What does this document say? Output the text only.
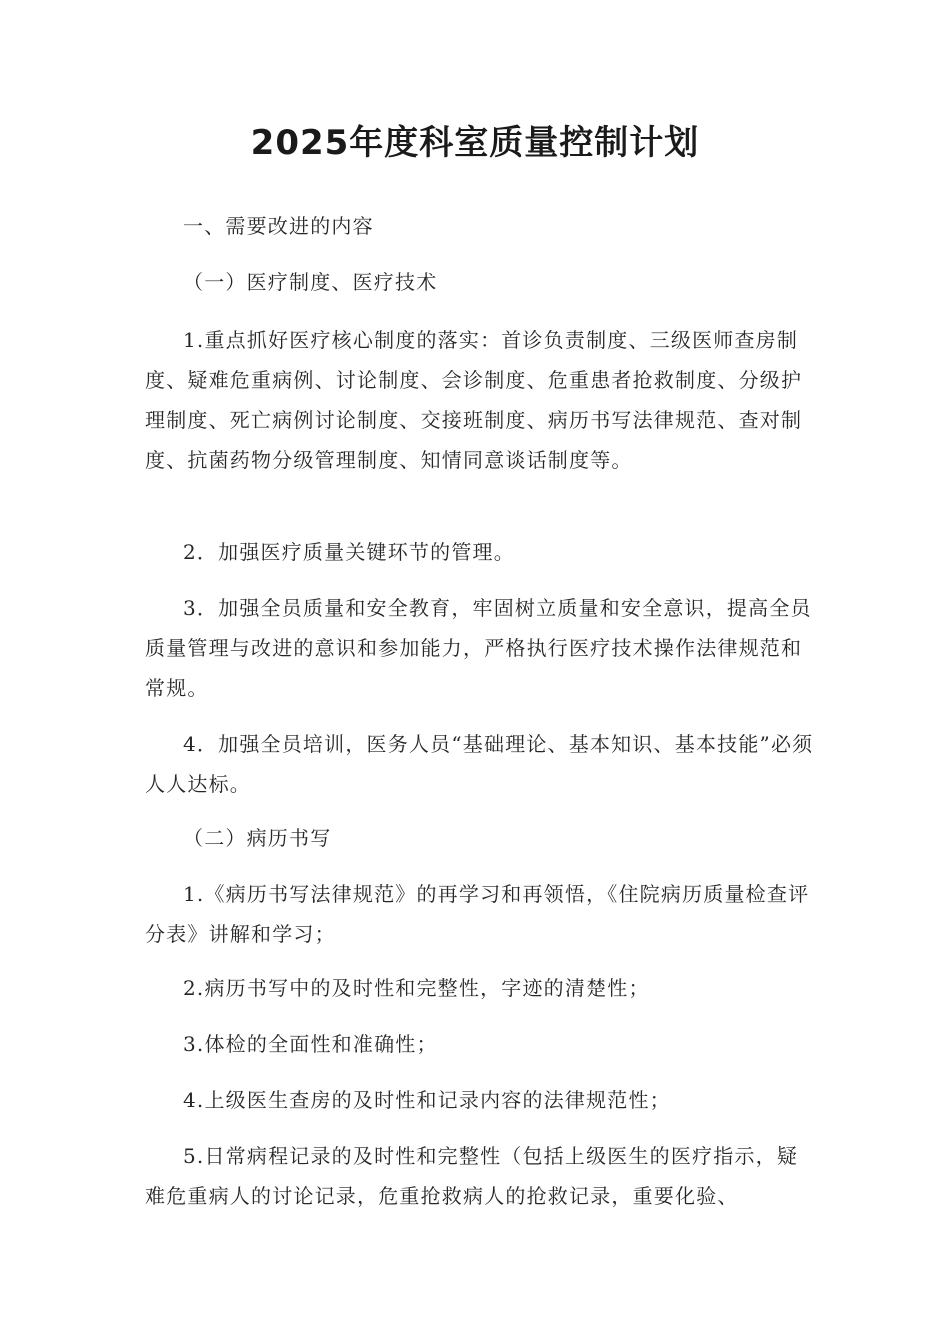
2025年度科室质量控制计划
一、需要改进的内容
（一）医疗制度、医疗技术
1.重点抓好医疗核心制度的落实：首诊负责制度、三级医师查房制度、疑难危重病例、讨论制度、会诊制度、危重患者抢救制度、分级护理制度、死亡病例讨论制度、交接班制度、病历书写法律规范、查对制度、抗菌药物分级管理制度、知情同意谈话制度等。
2．加强医疗质量关键环节的管理。
3．加强全员质量和安全教育，牢固树立质量和安全意识，提高全员质量管理与改进的意识和参加能力，严格执行医疗技术操作法律规范和常规。
4．加强全员培训，医务人员“基础理论、基本知识、基本技能”必须人人达标。
（二）病历书写
1.《病历书写法律规范》的再学习和再领悟，《住院病历质量检查评分表》讲解和学习；
2.病历书写中的及时性和完整性，字迹的清楚性；
3.体检的全面性和准确性；
4.上级医生查房的及时性和记录内容的法律规范性；
5.日常病程记录的及时性和完整性（包括上级医生的医疗指示，疑难危重病人的讨论记录，危重抢救病人的抢救记录，重要化验、
